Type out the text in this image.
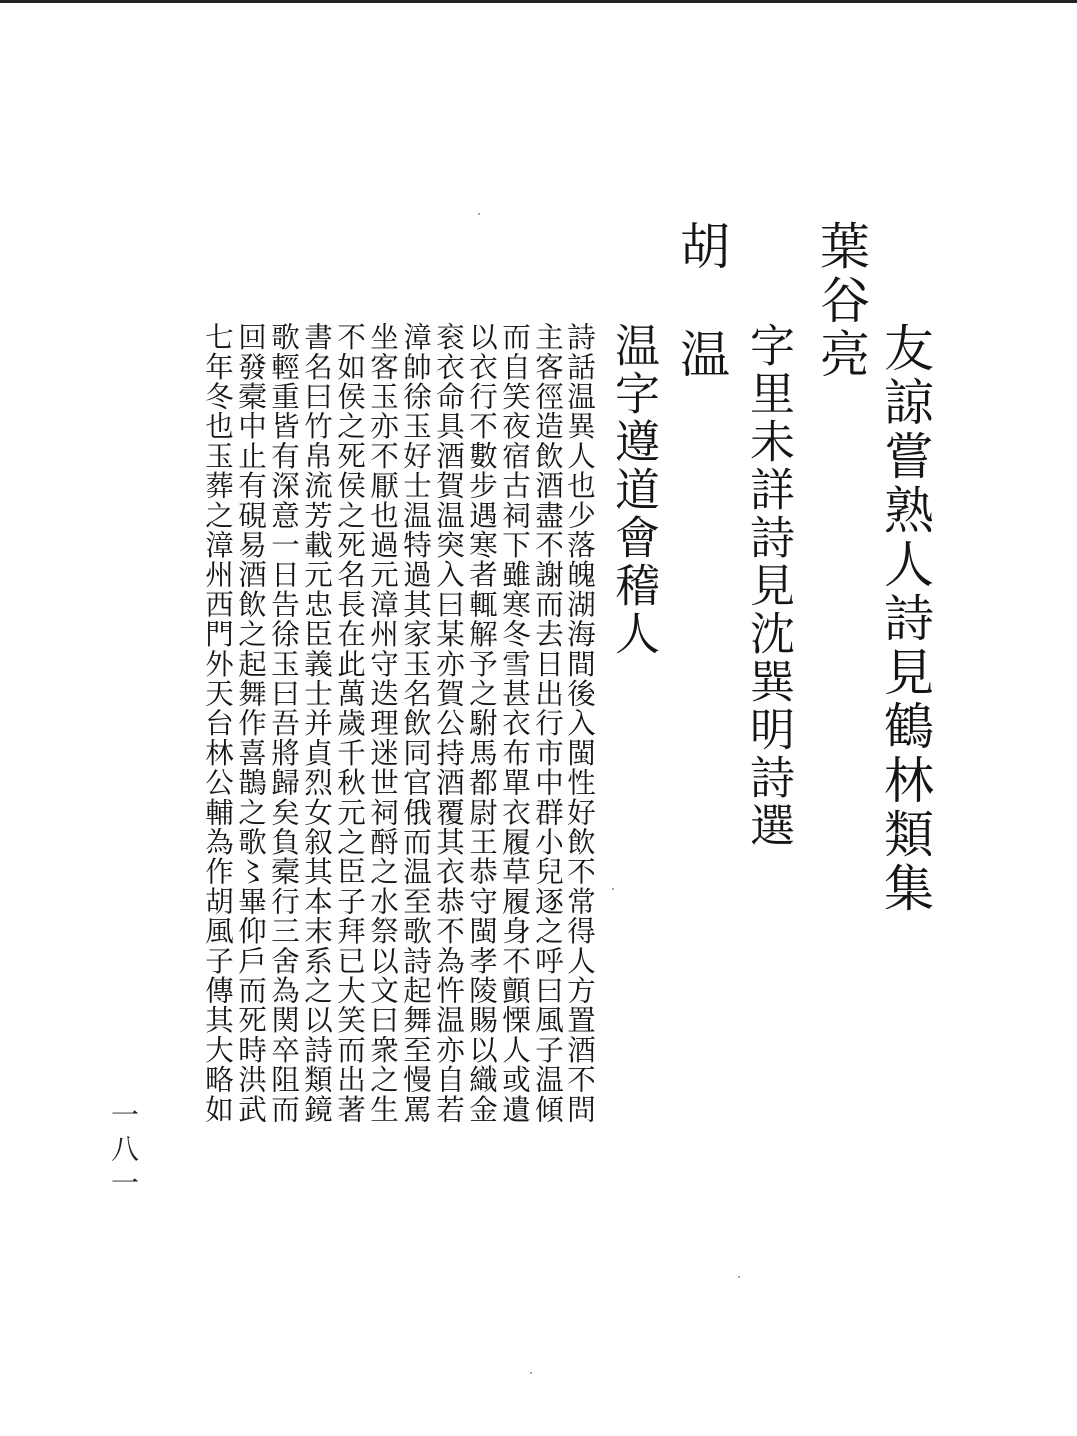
友諒嘗熟人詩見鶴林類集
葉谷亮
字里未詳詩見沈巽明詩選
胡　温
温字遵道會稽人
詩話温異人也少落魄湖海間後入閩性好飲不常得人方置酒不問
主客徑造飲酒盡不謝而去日出行市中群小兒逐之呼曰風子温傾
而自笑夜宿古祠下雖寒冬雪甚衣布單衣履草履身不顫慄人或遺
以衣行不數步遇寒者輒解予之駙馬都尉王恭守閩孝陵賜以織金
衮衣命具酒賀温突入曰某亦賀公持酒覆其衣恭不為忤温亦自若
漳帥徐玉好士温特過其家玉名飲同官俄而温至歌詩起舞至慢罵
坐客玉亦不厭也過元漳州守迭理迷世祠酹之水祭以文曰衆之生
不如侯之死侯之死名長在此萬歲千秋元之臣子拜已大笑而出著
書名曰竹帛流芳載元忠臣義士并貞烈女叙其本末系之以詩類鏡
歌輕重皆有深意一日告徐玉曰吾將歸矣負槖行三舍為関卒阻而
回發槖中止有硯易酒飲之起舞作喜鵲之歌〻畢仰戶而死時洪武
七年冬也玉葬之漳州西門外天台林公輔為作胡風子傳其大略如
一八一
